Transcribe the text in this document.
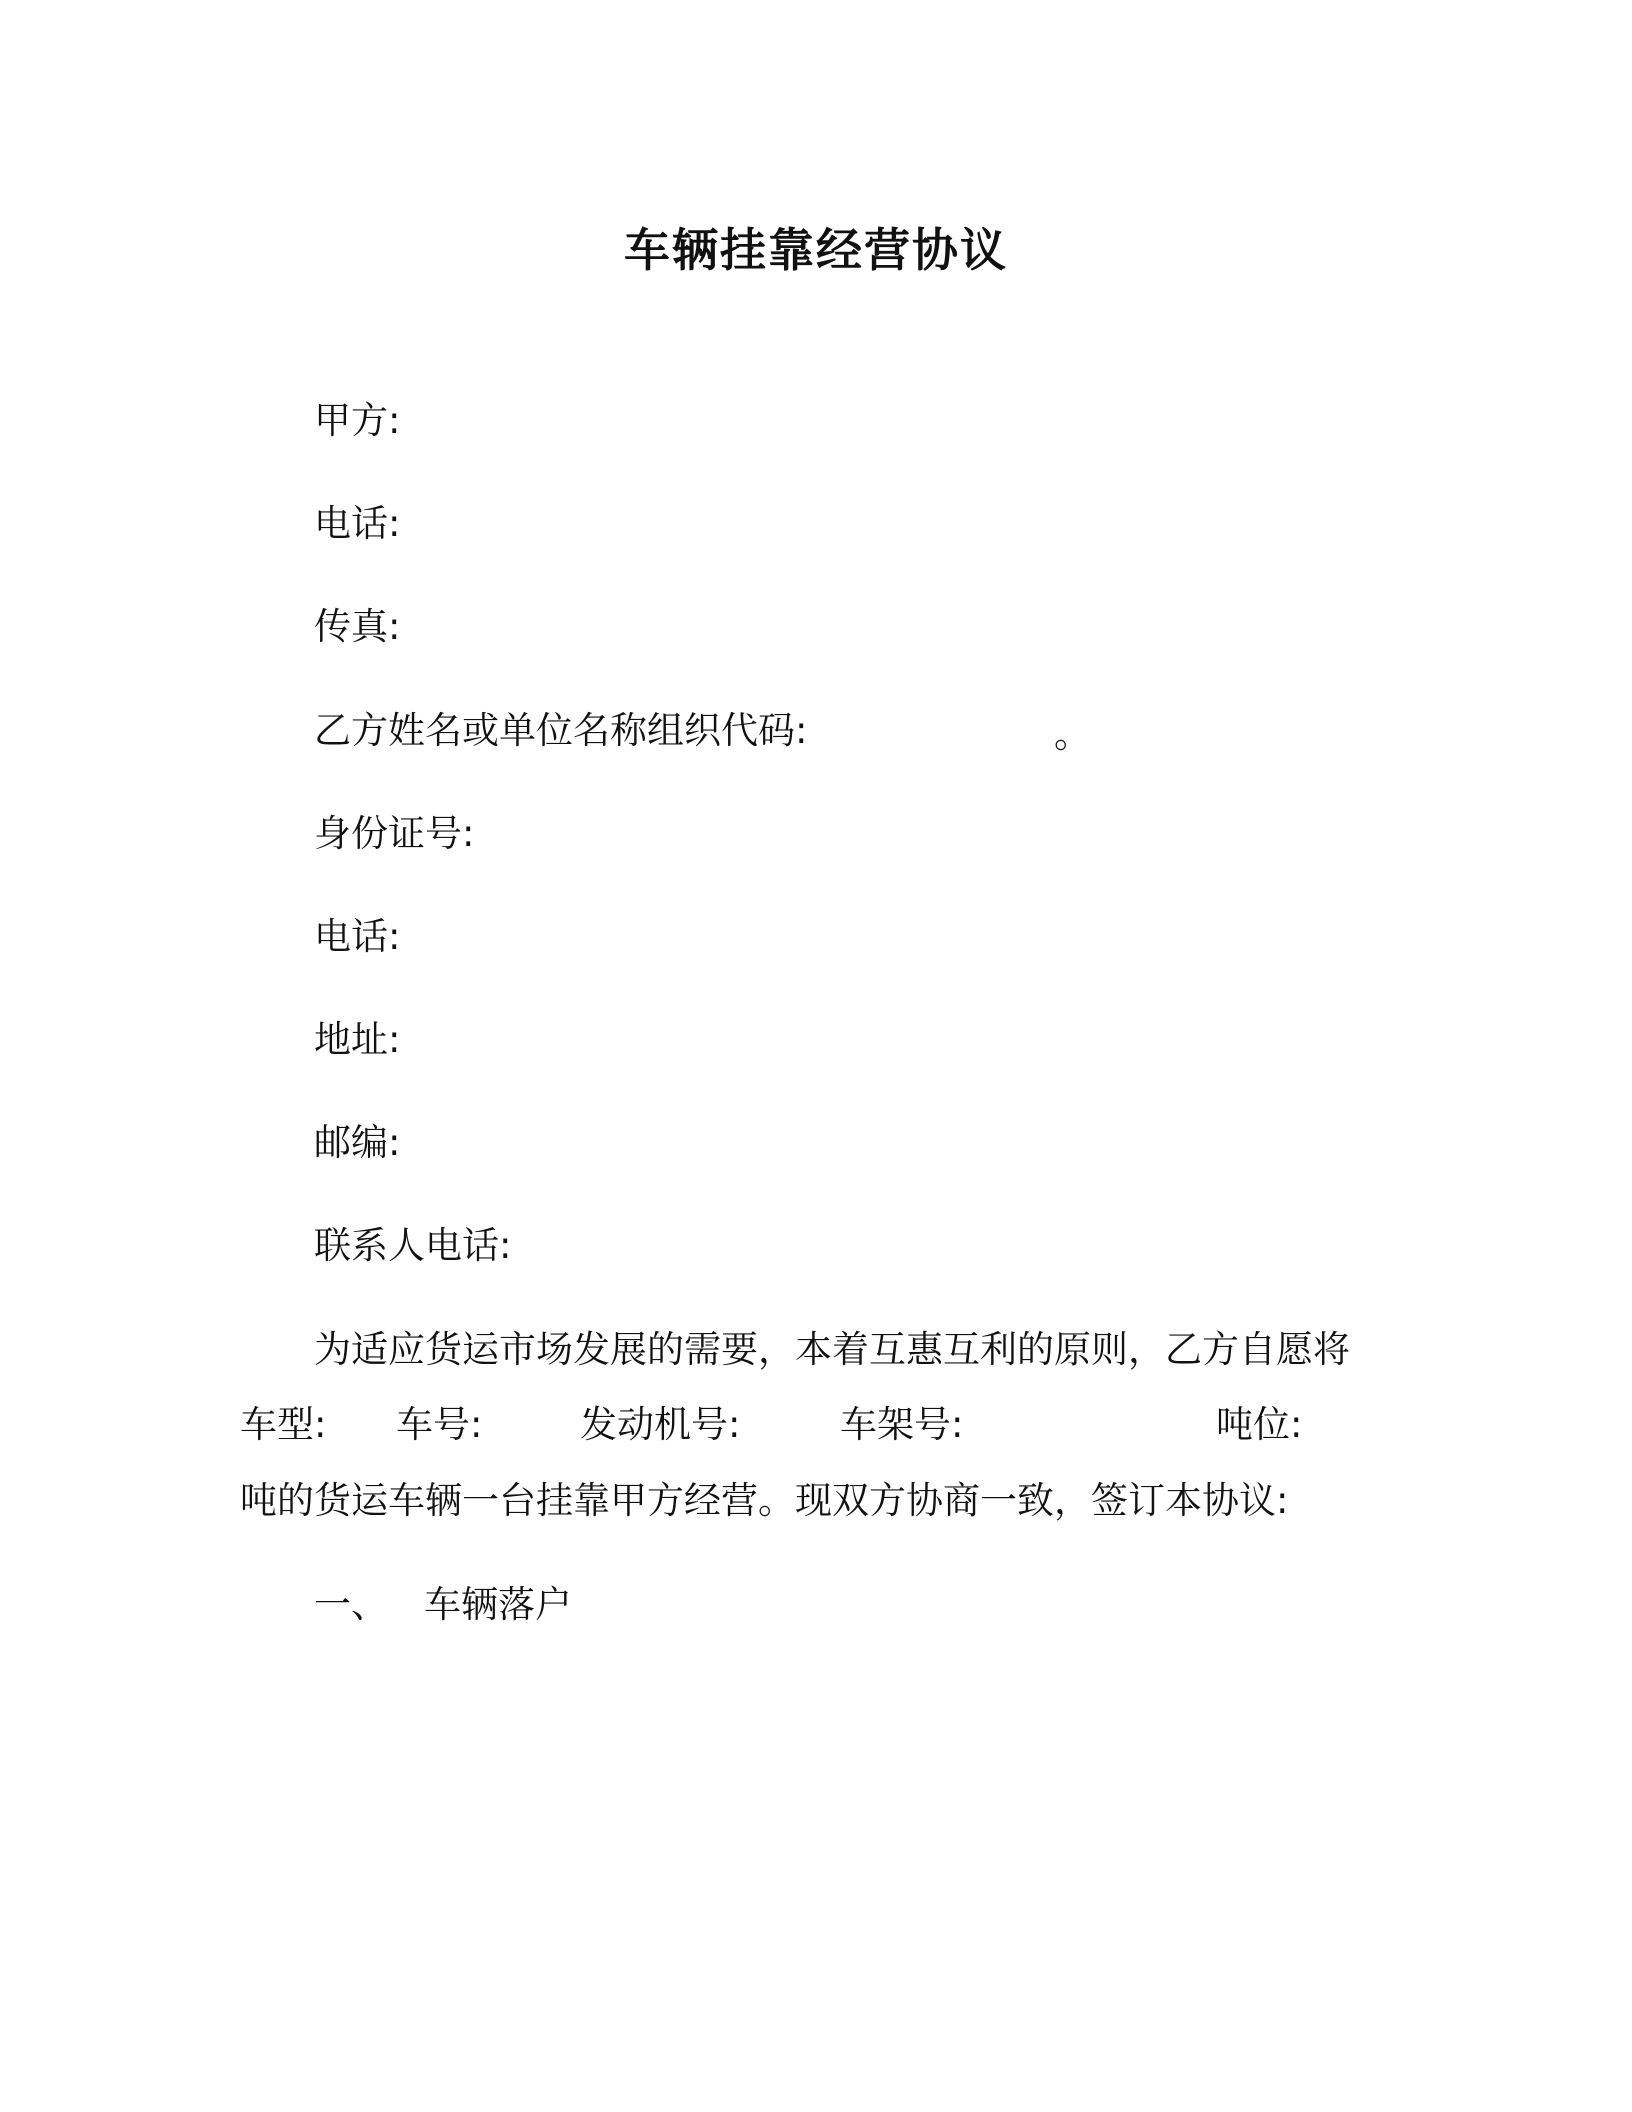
车辆挂靠经营协议
甲方:
电话:
传真:
乙方姓名或单位名称组织代码:	。
身份证号:
电话:
地址:
邮编:
联系人电话:
为适应货运市场发展的需要，本着互惠互利的原则，乙方自愿将
车型: 车号:	发动机号:	车架号:	吨位:
吨的货运车辆一台挂靠甲方经营。现双方协商一致，签订本协议:
一、 车辆落户
